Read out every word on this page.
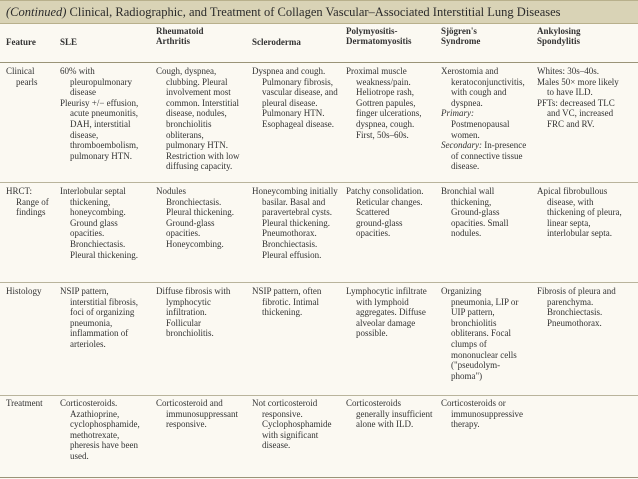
(Continued) Clinical, Radiographic, and Treatment of Collagen Vascular–Associated Interstitial Lung Diseases
Feature	SLE
Rheumatoid
Arthritis	Scleroderma
Polymyositis-
Dermatomyositis
Sjögren's
Syndrome
Ankylosing
Spondylitis
Clinical
pearls
60% with
pleuropulmonary
disease
Pleurisy +/− effusion,
acute pneumonitis,
DAH, interstitial
disease,
thromboembolism,
pulmonary HTN.
Cough, dyspnea,
clubbing. Pleural
involvement most
common. Interstitial
disease, nodules,
bronchiolitis
obliterans,
pulmonary HTN.
Restriction with low
diffusing capacity.
Dyspnea and cough.
Pulmonary fibrosis,
vascular disease, and
pleural disease.
Pulmonary HTN.
Esophageal disease.
Proximal muscle
weakness/pain.
Heliotrope rash,
Gottren papules,
finger ulcerations,
dyspnea, cough.
First, 50s–60s.
Xerostomia and
keratoconjunctivitis,
with cough and
dyspnea.
Primary:
Postmenopausal
women.
Secondary: In-presence
of connective tissue
disease.
Whites: 30s–40s.
Males 50× more likely
to have ILD.
PFTs: decreased TLC
and VC, increased
FRC and RV.
HRCT:
Range of
findings
Interlobular septal
thickening,
honeycombing.
Ground glass
opacities.
Bronchiectasis.
Pleural thickening.
Nodules
Bronchiectasis.
Pleural thickening.
Ground-glass
opacities.
Honeycombing.
Honeycombing initially
basilar. Basal and
paravertebral cysts.
Pleural thickening.
Pneumothorax.
Bronchiectasis.
Pleural effusion.
Patchy consolidation.
Reticular changes.
Scattered
ground-glass
opacities.
Bronchial wall
thickening,
Ground-glass
opacities. Small
nodules.
Apical fibrobullous
disease, with
thickening of pleura,
linear septa,
interlobular septa.
Histology NSIP pattern,
interstitial fibrosis,
foci of organizing
pneumonia,
inflammation of
arterioles.
Diffuse fibrosis with
lymphocytic
infiltration.
Follicular
bronchiolitis.
NSIP pattern, often
fibrotic. Intimal
thickening.
Lymphocytic infiltrate
with lymphoid
aggregates. Diffuse
alveolar damage
possible.
Organizing
pneumonia, LIP or
UIP pattern,
bronchiolitis
obliterans. Focal
clumps of
mononuclear cells
("pseudolym-
phoma")
Fibrosis of pleura and
parenchyma.
Bronchiectasis.
Pneumothorax.
Treatment Corticosteroids.
Azathioprine,
cyclophosphamide,
methotrexate,
pheresis have been
used.
Corticosteroid and
immunosuppressant
responsive.
Not corticosteroid
responsive.
Cyclophosphamide
with significant
disease.
Corticosteroids
generally insufficient
alone with ILD.
Corticosteroids or
immunosuppressive
therapy.
